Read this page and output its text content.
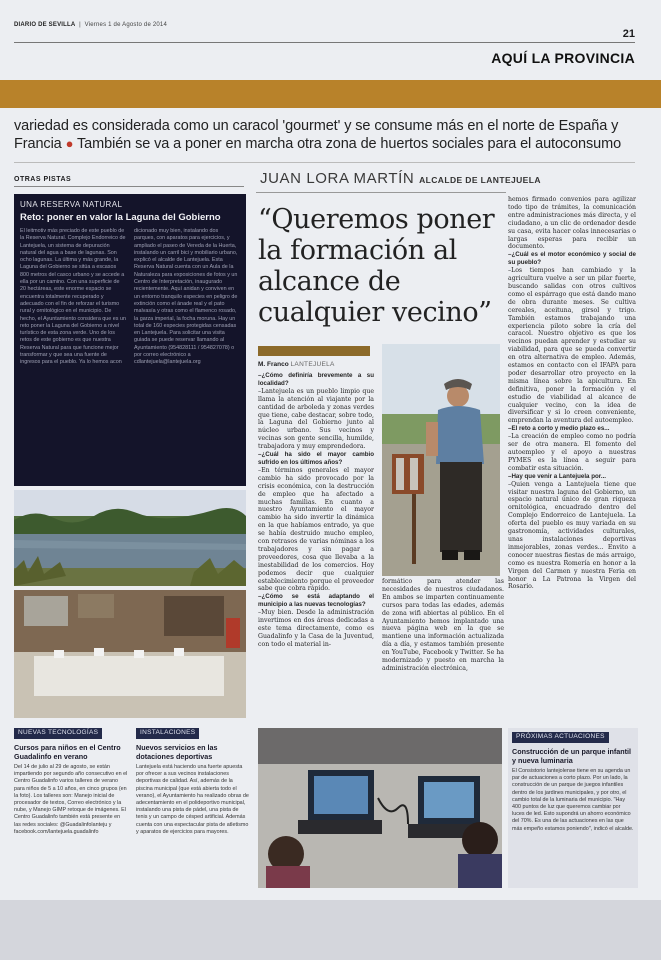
DIARIO DE SEVILLA  |  Viernes 1 de Agosto de 2014
21
AQUÍ LA PROVINCIA
variedad es considerada como un caracol 'gourmet' y se consume más en el norte de España y
Francia ● También se va a poner en marcha otra zona de huertos sociales para el autoconsumo
OTRAS PISTAS
UNA RESERVA NATURAL
Reto: poner en valor la Laguna del Gobierno
El leitmotiv más preciado de este pueblo de la Reserva Natural. Complejo Endorreico de Lantejuela, un sistema de depuración natural del agua a base de lagunas. Son ocho lagunas. La última y más grande, la Laguna del Gobierno se sitúa a escasos 800 metros del casco urbano y se accede a ella por un camino. Con una superficie de 20 hectáreas, este enorme espacio se encuentra totalmente recuperado y adecuado con el fin de reforzar el turismo rural y ornitológico en el municipio. De hecho, el Ayuntamiento considera que es un reto poner la Laguna del Gobierno a nivel turístico de esta zona verde. Uno de los retos de este gobierno es que nuestra Reserva Natural para que funcione mejor transformar y que sea una fuente de ingresos para el pueblo. Ya lo hemos acon
dicionado muy bien, instalando dos parques, con aparatos para ejercicios, y ampliado el paseo de Vereda de la Huerta, instalando un carril bici y mobiliario urbano, explicó el alcalde de Lantejuela. Esta Reserva Natural cuenta con un Aula de la Naturaleza para exposiciones de fotos y un Centro de Interpretación, inaugurado recientemente. Aquí anidan y conviven en un entorno tranquilo especies en peligro de extinción como el ánade real y el pato malvasía y otras como el flamenco rosado, la garza imperial, la focha moruna. Hay un total de 160 especies protegidas censadas en Lantejuela. Para solicitar una visita guiada se puede reservar llamando al Ayuntamiento (954828111 / 954827078) o por correo electrónico a cdlantejuela@lantejuela.org
NUEVAS TECNOLOGÍAS
Cursos para niños en el Centro Guadalinfo en verano
Del 14 de julio al 29 de agosto, se están impartiendo por segundo año consecutivo en el Centro Guadalinfo varios talleres de verano para niños de 5 a 10 años, en cinco grupos (en la foto). Los talleres son: Manejo inicial de procesador de textos, Correo electrónico y la nube, y Manejo GIMP retoque de imágenes. El Centro Guadalinfo también está presente en las redes sociales: @Guadalinfolanteju y facebook.com/lantejuela.guadalinfo
INSTALACIONES
Nuevos servicios en las dotaciones deportivas
Lantejuela está haciendo una fuerte apuesta por ofrecer a sus vecinos instalaciones deportivas de calidad. Así, además de la piscina municipal (que está abierta todo el verano), el Ayuntamiento ha realizado obras de adecentamiento en el polideportivo municipal, instalando una pista de pádel, una pista de tenis y un campo de césped artificial. Además cuenta con una espectacular pista de atletismo y aparatos de ejercicios para mayores.
JUAN LORA MARTÍN ALCALDE DE LANTEJUELA
“Queremos poner la formación al alcance de cualquier vecino”
M. Franco LANTEJUELA

–¿Cómo definiría brevemente a su localidad?

–Lantejuela es un pueblo limpio que llama la atención al viajante por la cantidad de arboleda y zonas verdes que tiene, cabe destacar, sobre todo, la Laguna del Gobierno junto al núcleo urbano. Sus vecinos y vecinas son gente sencilla, humilde, trabajadora y muy emprendedora.

–¿Cuál ha sido el mayor cambio sufrido en los últimos años?

–En términos generales el mayor cambio ha sido provocado por la crisis económica, con la destrucción de empleo que ha afectado a muchas familias. En cuanto a nuestro Ayuntamiento el mayor cambio ha sido invertir la dinámica en la que habíamos entrado, ya que se había destruido mucho empleo, con retrasos de varias nóminas a los trabajadores y sin pagar a proveedores, cosa que llevaba a la inestabilidad de los comercios. Hoy podemos decir que cualquier establecimiento porque el proveedor sabe que cobra rápido.

–¿Cómo se está adaptando el municipio a las nuevas tecnologías?

–Muy bien. Desde la administración invertimos en dos áreas dedicadas a este tema directamente, como es Guadalinfo y la Casa de la Juventud, con todo el material in-

formático para atender las necesidades de nuestros ciudadanos. En ambos se imparten continuamente cursos para todas las edades, además de zona wifi abiertas al público. En el Ayuntamiento hemos implantado una nueva página web en la que se mantiene una información actualizada día a día, y estamos también presente en YouTube, Facebook y Twitter. Se ha modernizado y puesto en marcha la administración electrónica,

hemos firmado convenios para agilizar todo tipo de trámites, la comunicación entre administraciones más directa, y el ciudadano, a un clic de ordenador desde su casa, evita hacer colas innecesarias o largas esperas para recibir un documento.

–¿Cuál es el motor económico y social de su pueblo?

–Los tiempos han cambiado y la agricultura vuelve a ser un pilar fuerte, buscando salidas con otros cultivos como el espárrago que está dando mano de obra durante meses. Se cultiva cereales, aceituna, girsol y trigo. También estamos trabajando una experiencia piloto sobre la cría del caracol. Nuestro objetivo es que los vecinos puedan aprender y estudiar su viabilidad, para que se pueda convertir en otra alternativa de empleo. Además, estamos en contacto con el IFAPA para poder desarrollar otro proyecto en la misma línea sobre la apicultura. En definitiva, poner la formación y el estudio de viabilidad al alcance de cualquier vecino, con la idea de diversificar y si lo creen conveniente, emprendan la aventura del autoempleo.

–El reto a corto y medio plazo es...

–La creación de empleo como no podría ser de otra manera. El fomento del autoempleo y el apoyo a nuestras PYMES es la línea a seguir para combatir esta situación.

–Hay que venir a Lantejuela por...

–Quien venga a Lantejuela tiene que visitar nuestra laguna del Gobierno, un espacio natural único de gran riqueza ornitológica, encuadrado dentro del Complejo Endorreico de Lantejuela. La oferta del pueblo es muy variada en su gastronomía, actividades culturales, unas instalaciones deportivas inmejorables, zonas verdes... Envito a conocer nuestras fiestas de más arraigo, como es nuestra Romería en honor a la Virgen del Carmen y nuestra Feria en honor a La Patrona la Virgen del Rosario.

PRÓXIMAS ACTUACIONES
Construcción de un parque infantil y nueva luminaria
El Consistorio lantejolense tiene en su agenda un par de actuaciones a corto plazo. Por un lado, la construcción de un parque de juegos infantiles dentro de los jardines municipales, y por otro, el cambio total de la luminaria del municipio. "Hay 400 puntos de luz que queremos cambiar por luces de led. Esto supondrá un ahorro económico del 70%. Es una de las actuaciones en las que más empeño estamos poniendo", indicó el alcalde.
